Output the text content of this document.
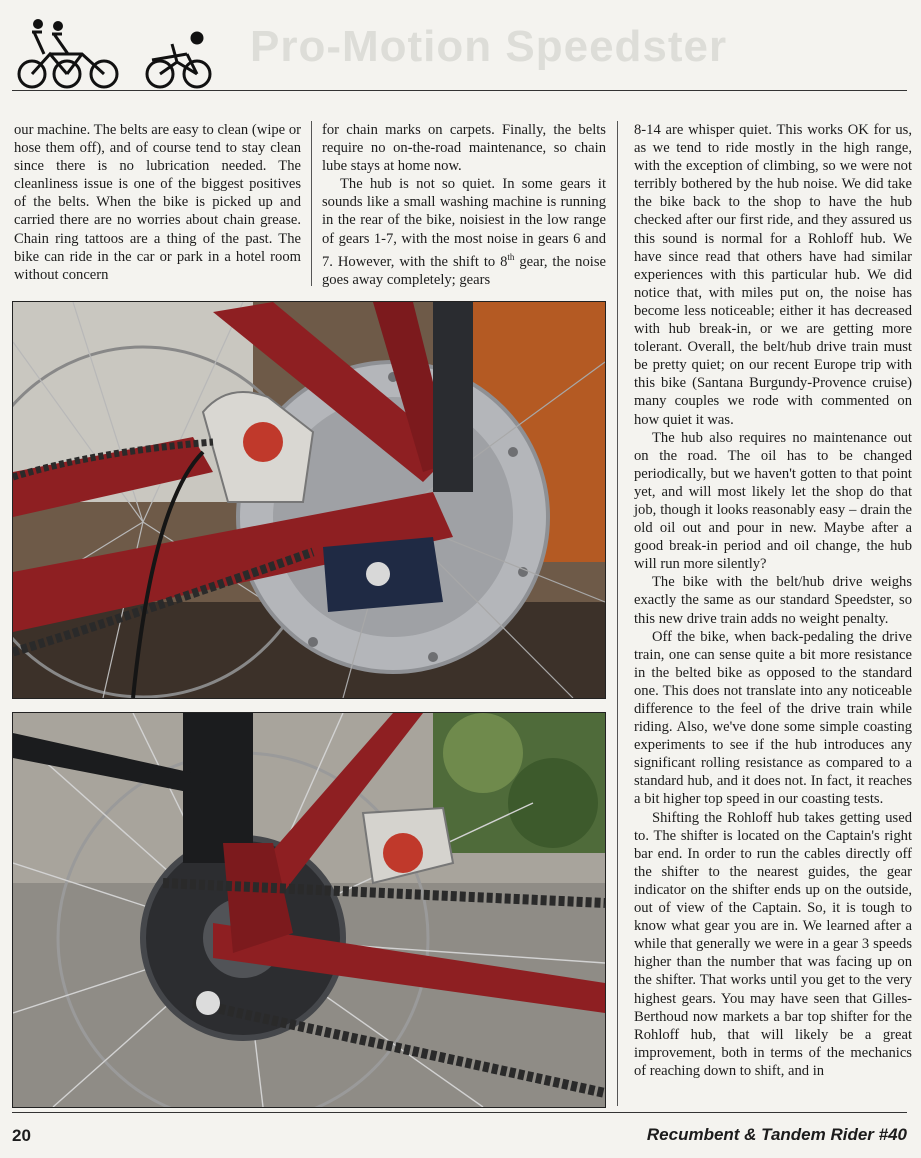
Pro-Motion Speedster

our machine. The belts are easy to clean (wipe or hose them off), and of course tend to stay clean since there is no lubrication needed. The cleanliness issue is one of the biggest positives of the belts. When the bike is picked up and carried there are no worries about chain grease. Chain ring tattoos are a thing of the past. The bike can ride in the car or park in a hotel room without concern

for chain marks on carpets. Finally, the belts require no on-the-road maintenance, so chain lube stays at home now.

The hub is not so quiet. In some gears it sounds like a small washing machine is running in the rear of the bike, noisiest in the low range of gears 1-7, with the most noise in gears 6 and 7. However, with the shift to 8th gear, the noise goes away completely; gears

8-14 are whisper quiet. This works OK for us, as we tend to ride mostly in the high range, with the exception of climbing, so we were not terribly bothered by the hub noise. We did take the bike back to the shop to have the hub checked after our first ride, and they assured us this sound is normal for a Rohloff hub. We have since read that others have had similar experiences with this particular hub. We did notice that, with miles put on, the noise has become less noticeable; either it has decreased with hub break-in, or we are getting more tolerant. Overall, the belt/hub drive train must be pretty quiet; on our recent Europe trip with this bike (Santana Burgundy-Provence cruise) many couples we rode with commented on how quiet it was.

The hub also requires no maintenance out on the road. The oil has to be changed periodically, but we haven't gotten to that point yet, and will most likely let the shop do that job, though it looks reasonably easy – drain the old oil out and pour in new. Maybe after a good break-in period and oil change, the hub will run more silently?

The bike with the belt/hub drive weighs exactly the same as our standard Speedster, so this new drive train adds no weight penalty.

Off the bike, when back-pedaling the drive train, one can sense quite a bit more resistance in the belted bike as opposed to the standard one. This does not translate into any noticeable difference to the feel of the drive train while riding. Also, we've done some simple coasting experiments to see if the hub introduces any significant rolling resistance as compared to a standard hub, and it does not. In fact, it reaches a bit higher top speed in our coasting tests.

Shifting the Rohloff hub takes getting used to. The shifter is located on the Captain's right bar end. In order to run the cables directly off the shifter to the nearest guides, the gear indicator on the shifter ends up on the outside, out of view of the Captain. So, it is tough to know what gear you are in. We learned after a while that generally we were in a gear 3 speeds higher than the number that was facing up on the shifter. That works until you get to the very highest gears. You may have seen that Gilles-Berthoud now markets a bar top shifter for the Rohloff hub, that will likely be a great improvement, both in terms of the mechanics of reaching down to shift, and in

20	Recumbent & Tandem Rider #40
